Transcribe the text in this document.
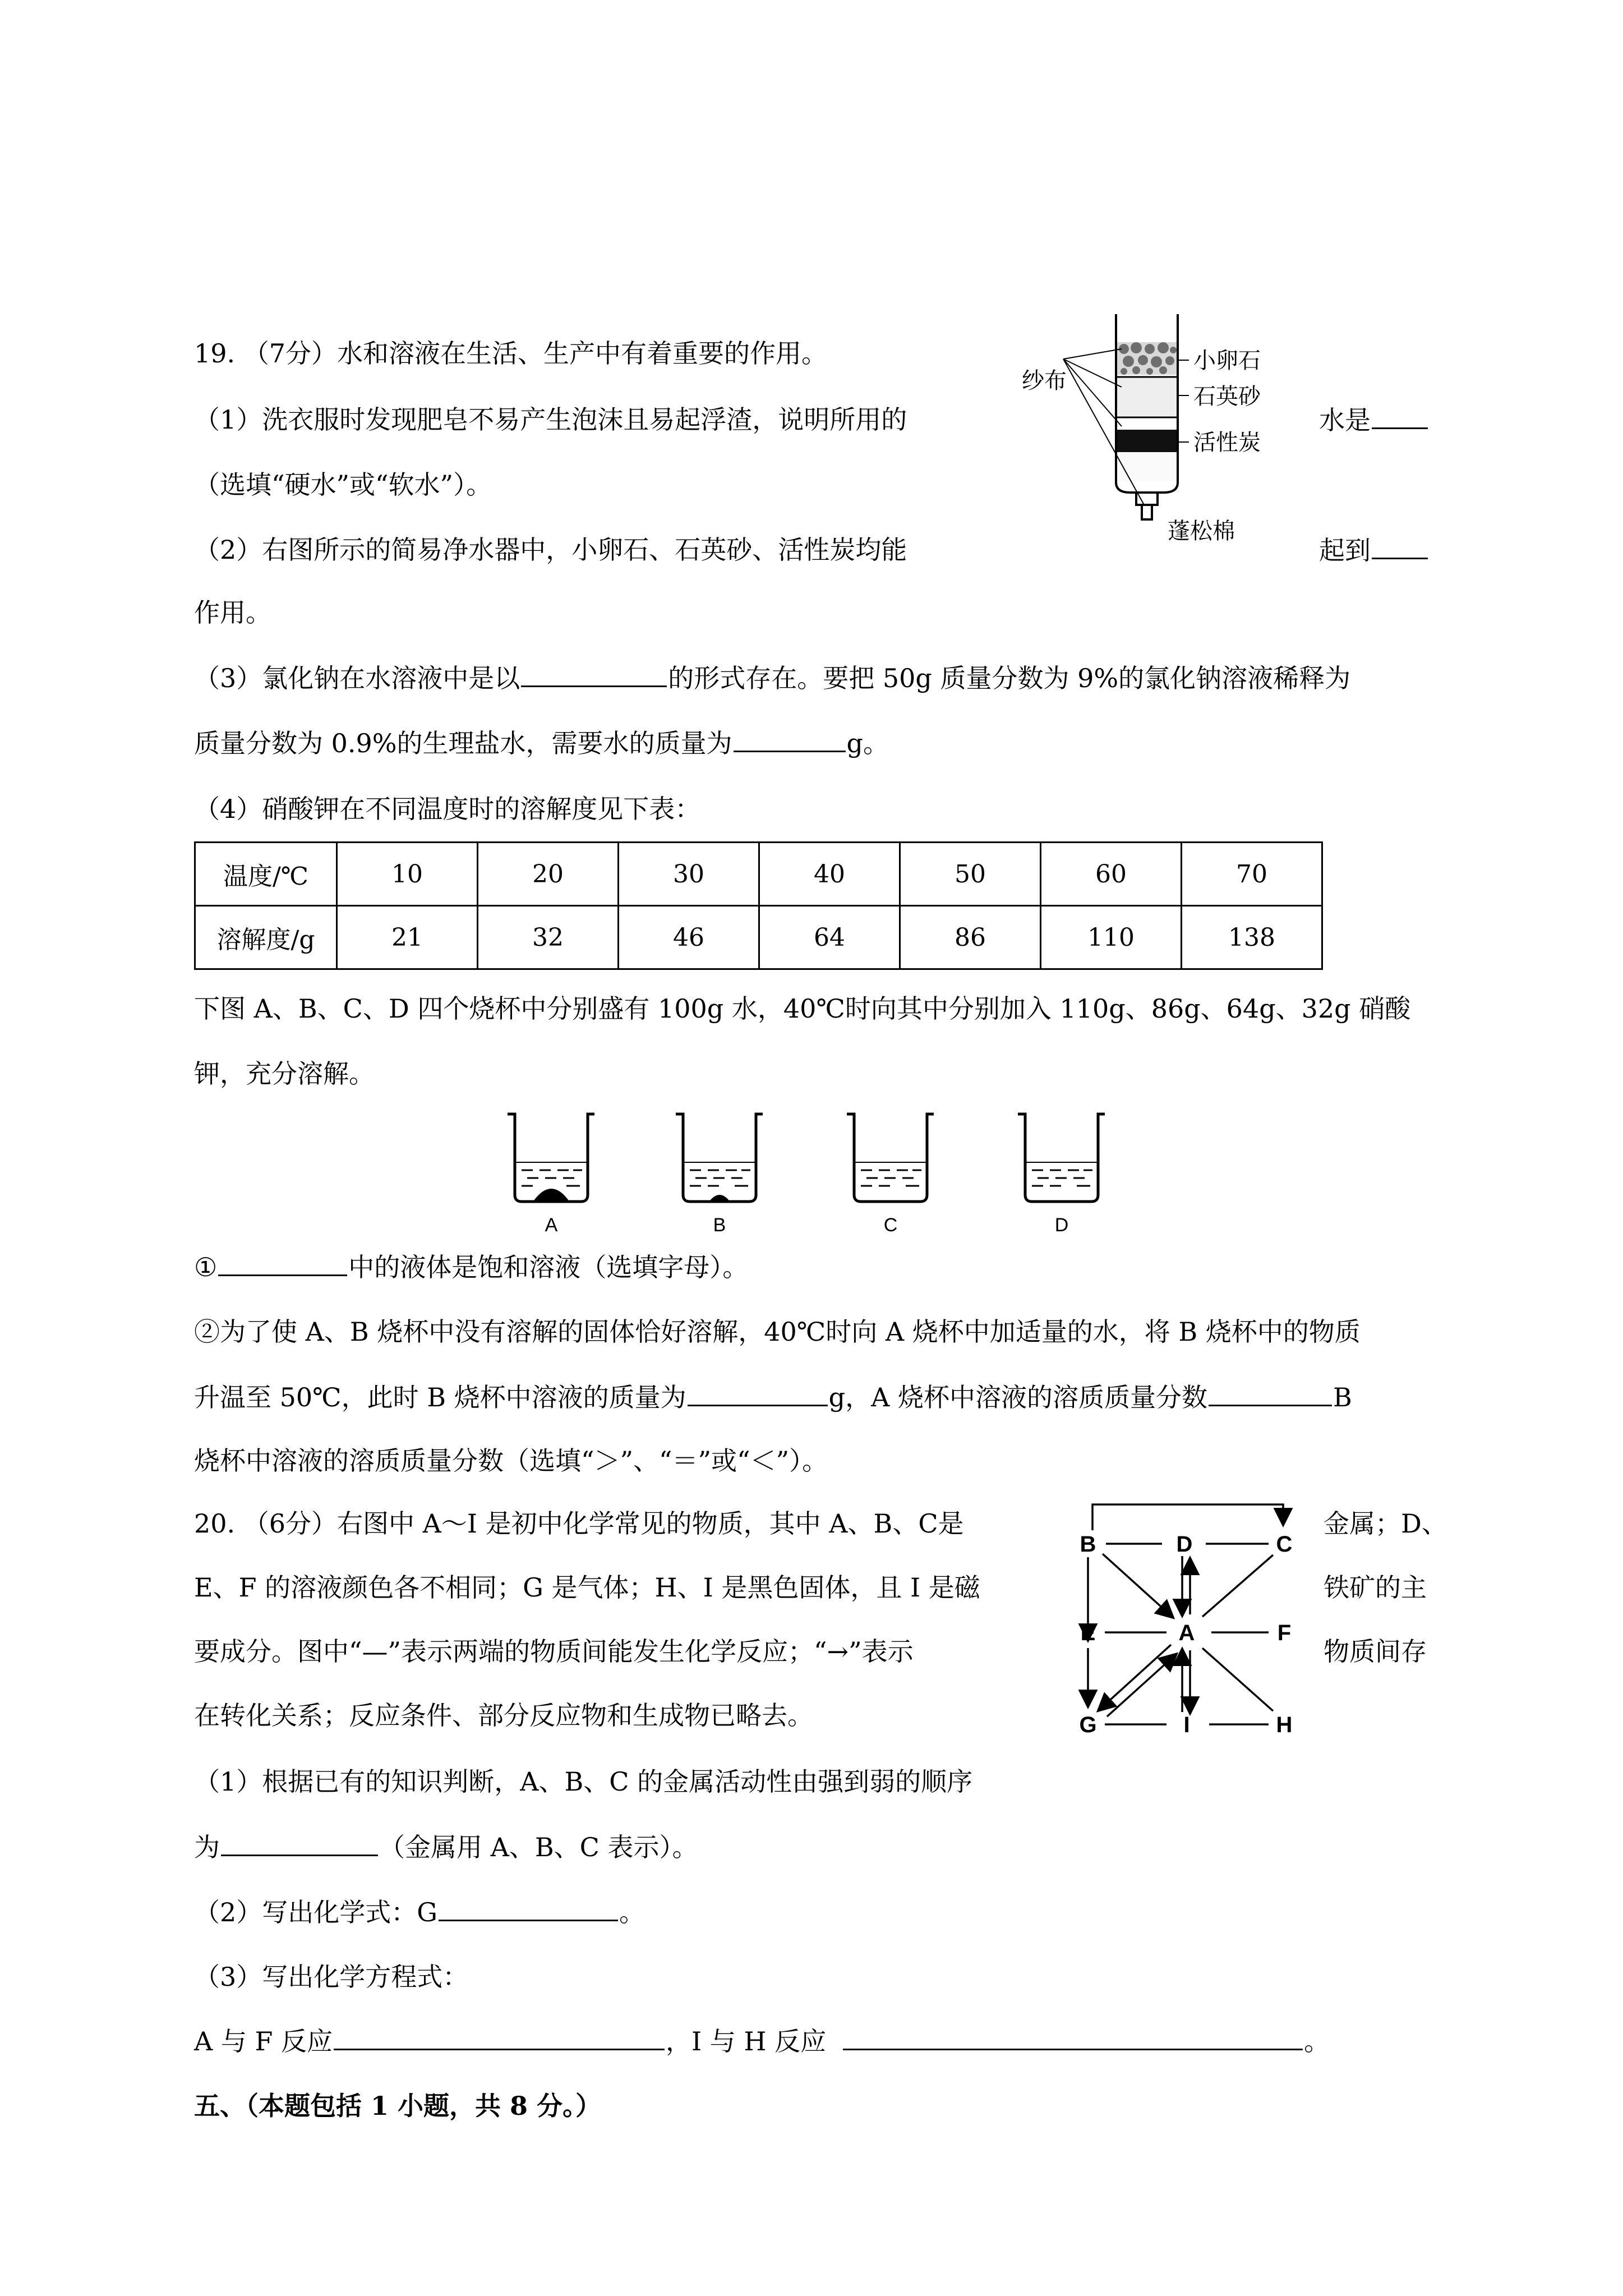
19. （7分）水和溶液在生活、生产中有着重要的作用。
（1）洗衣服时发现肥皂不易产生泡沫且易起浮渣，说明所用的	水是
（选填“硬水”或“软水”）。
（2）右图所示的简易净水器中，小卵石、石英砂、活性炭均能	起到
作用。
（3）氯化钠在水溶液中是以	的形式存在。要把 50g 质量分数为 9%的氯化钠溶液稀释为
质量分数为 0.9%的生理盐水，需要水的质量为	g。
（4）硝酸钾在不同温度时的溶解度见下表：
温度/℃	10	20	30	40	50	60	70
溶解度/g	21	32	46	64	86	110	138
下图 A、B、C、D 四个烧杯中分别盛有 100g 水，40℃时向其中分别加入 110g、86g、64g、32g 硝酸
钾，充分溶解。
A	B	C	D
①	中的液体是饱和溶液（选填字母）。
②为了使 A、B 烧杯中没有溶解的固体恰好溶解，40℃时向 A 烧杯中加适量的水，将 B 烧杯中的物质
升温至 50℃，此时 B 烧杯中溶液的质量为	g，A 烧杯中溶液的溶质质量分数	B
烧杯中溶液的溶质质量分数（选填“＞”、“＝”或“＜”）。
纱布
小卵石
石英砂
活性炭
蓬松棉
20. （6分）右图中 A～I 是初中化学常见的物质，其中 A、B、C是	金属；D、
E、F 的溶液颜色各不相同；G 是气体；H、I 是黑色固体，且 I 是磁	铁矿的主
要成分。图中“—”表示两端的物质间能发生化学反应；“→”表示	物质间存
在转化关系；反应条件、部分反应物和生成物已略去。
B	D	C
E	A	F
G	I	H
（1）根据已有的知识判断，A、B、C 的金属活动性由强到弱的顺序
为	（金属用 A、B、C 表示）。
（2）写出化学式：G	。
（3）写出化学方程式：
A 与 F 反应	，I 与 H 反应	。
五、（本题包括 1 小题，共 8 分。）
